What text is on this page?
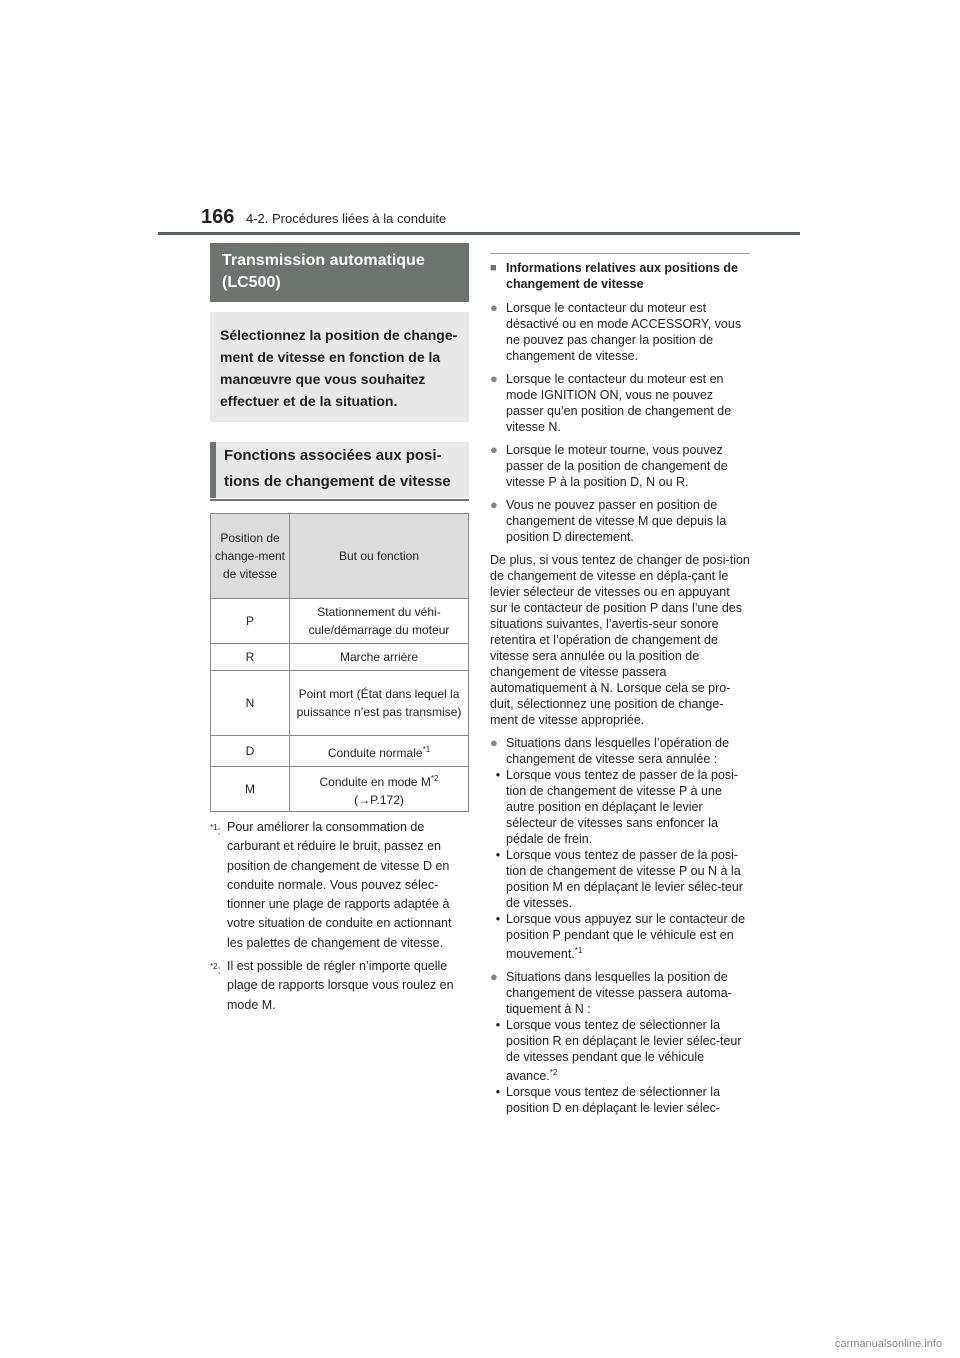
166 4-2. Procédures liées à la conduite
Transmission automatique (LC500)
Sélectionnez la position de change-ment de vitesse en fonction de la manœuvre que vous souhaitez effectuer et de la situation.
Fonctions associées aux posi-tions de changement de vitesse
Position de change-ment de vitesse	But ou fonction
P	Stationnement du véhi-cule/démarrage du moteur
R	Marche arrière
N	Point mort (État dans lequel la puissance n’est pas transmise)
D	Conduite normale$^{*1}$
M	Conduite en mode $M^{*2}$
(→P.172)
$^{*1}$: Pour améliorer la consommation de carburant et réduire le bruit, passez en position de changement de vitesse D en conduite normale. Vous pouvez sélec-tionner une plage de rapports adaptée à votre situation de conduite en actionnant les palettes de changement de vitesse.
$^{*2}$: Il est possible de régler n’importe quelle plage de rapports lorsque vous roulez en mode M.
■ Informations relatives aux positions de changement de vitesse
● Lorsque le contacteur du moteur est désactivé ou en mode ACCESSORY, vous ne pouvez pas changer la position de changement de vitesse.
● Lorsque le contacteur du moteur est en mode IGNITION ON, vous ne pouvez passer qu’en position de changement de vitesse N.
● Lorsque le moteur tourne, vous pouvez passer de la position de changement de vitesse P à la position D, N ou R.
● Vous ne pouvez passer en position de changement de vitesse M que depuis la position D directement.
De plus, si vous tentez de changer de posi-tion de changement de vitesse en dépla-çant le levier sélecteur de vitesses ou en appuyant sur le contacteur de position P dans l’une des situations suivantes, l’avertis-seur sonore retentira et l’opération de changement de vitesse sera annulée ou la position de changement de vitesse passera automatiquement à N. Lorsque cela se pro-duit, sélectionnez une position de change-ment de vitesse appropriée.
● Situations dans lesquelles l’opération de changement de vitesse sera annulée :
• Lorsque vous tentez de passer de la posi-tion de changement de vitesse P à une autre position en déplaçant le levier sélecteur de vitesses sans enfoncer la pédale de frein.
• Lorsque vous tentez de passer de la posi-tion de changement de vitesse P ou N à la position M en déplaçant le levier sélec-teur de vitesses.
• Lorsque vous appuyez sur le contacteur de position P pendant que le véhicule est en mouvement.$^{*1}$
● Situations dans lesquelles la position de changement de vitesse passera automa-tiquement à N :
• Lorsque vous tentez de sélectionner la position R en déplaçant le levier sélec-teur de vitesses pendant que le véhicule avance.$^{*2}$
• Lorsque vous tentez de sélectionner la position D en déplaçant le levier sélec-
carmanualsonline.info
